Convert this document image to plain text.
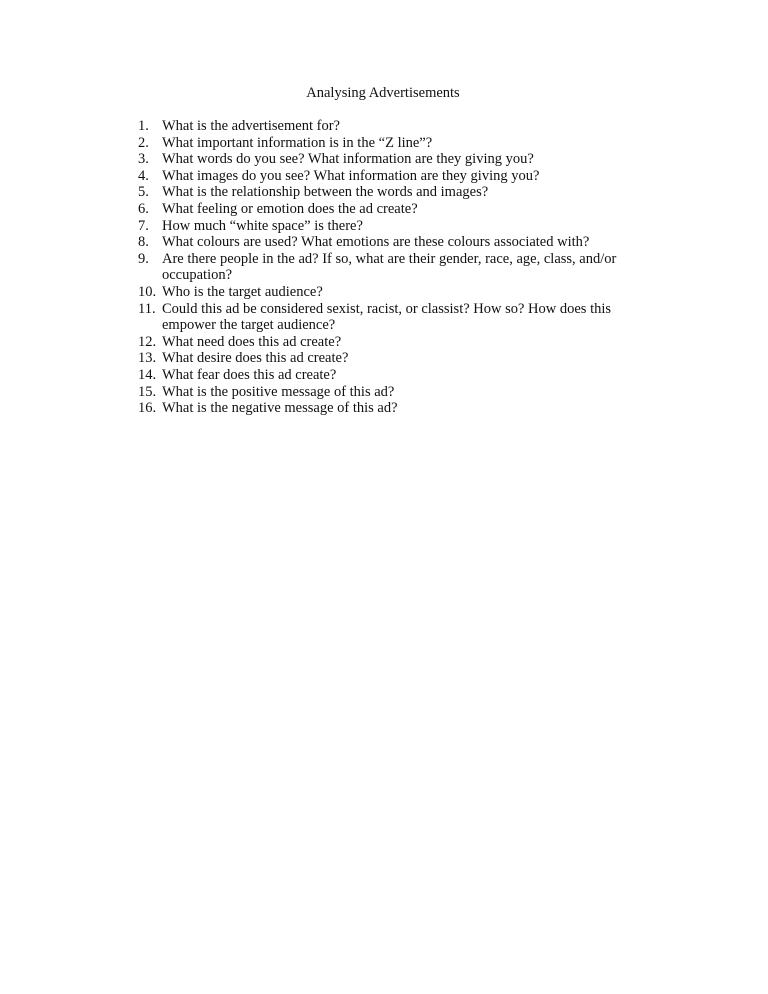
Analysing Advertisements
1. What is the advertisement for?
2. What important information is in the “Z line”?
3. What words do you see? What information are they giving you?
4. What images do you see? What information are they giving you?
5. What is the relationship between the words and images?
6. What feeling or emotion does the ad create?
7. How much “white space” is there?
8. What colours are used? What emotions are these colours associated with?
9. Are there people in the ad? If so, what are their gender, race, age, class, and/or occupation?
10. Who is the target audience?
11. Could this ad be considered sexist, racist, or classist? How so? How does this empower the target audience?
12. What need does this ad create?
13. What desire does this ad create?
14. What fear does this ad create?
15. What is the positive message of this ad?
16. What is the negative message of this ad?
